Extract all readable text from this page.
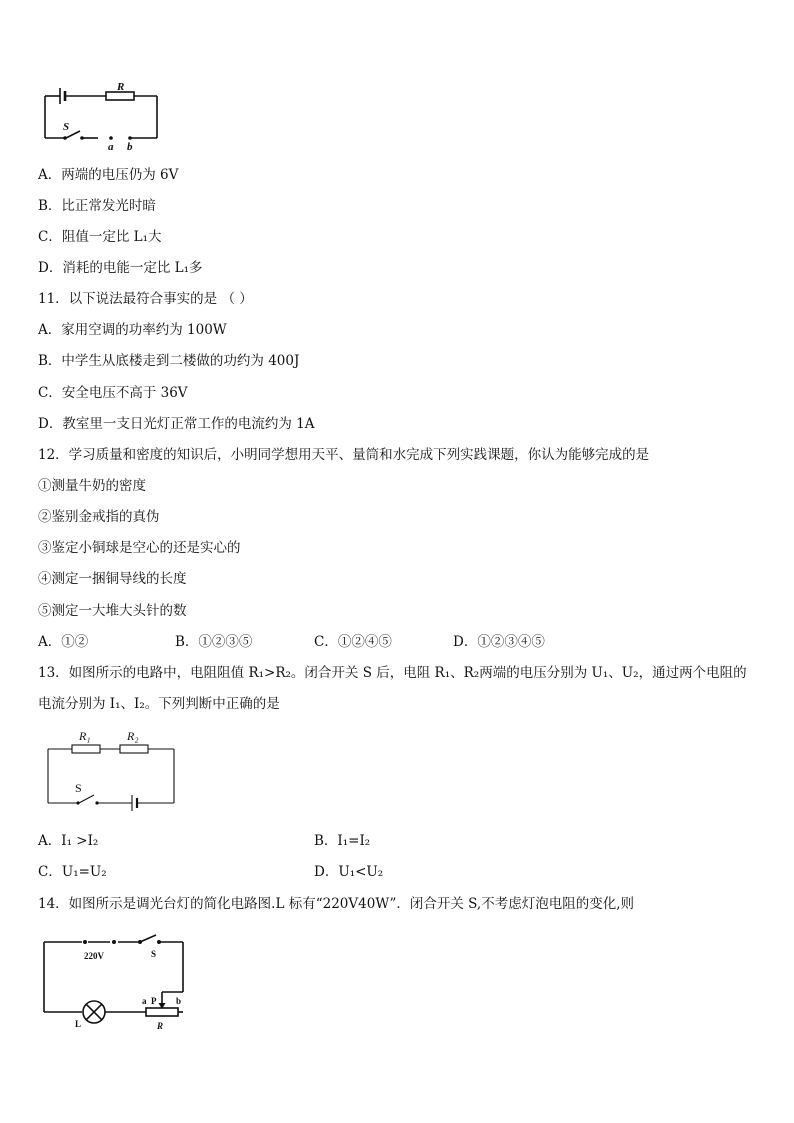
R
S
a b
A．两端的电压仍为 6V
B．比正常发光时暗
C．阻值一定比 L₁大
D．消耗的电能一定比 L₁多
11．以下说法最符合事实的是 （ ）
A．家用空调的功率约为 100W
B．中学生从底楼走到二楼做的功约为 400J
C．安全电压不高于 36V
D．教室里一支日光灯正常工作的电流约为 1A
12．学习质量和密度的知识后，小明同学想用天平、量筒和水完成下列实践课题，你认为能够完成的是
①测量牛奶的密度
②鉴别金戒指的真伪
③鉴定小铜球是空心的还是实心的
④测定一捆铜导线的长度
⑤测定一大堆大头针的数
A．①②	B．①②③⑤	C．①②④⑤	D．①②③④⑤
13．如图所示的电路中，电阻阻值 R₁>R₂。闭合开关 S 后，电阻 R₁、R₂两端的电压分别为 U₁、U₂，通过两个电阻的
电流分别为 I₁、I₂。下列判断中正确的是
R₁	R₂
S
A．I₁ >I₂	B．I₁=I₂
C．U₁=U₂	D．U₁<U₂
14．如图所示是调光台灯的简化电路图.L 标有“220V40W”．闭合开关 S,不考虑灯泡电阻的变化,则
220V	S
P
a	b
L	R
